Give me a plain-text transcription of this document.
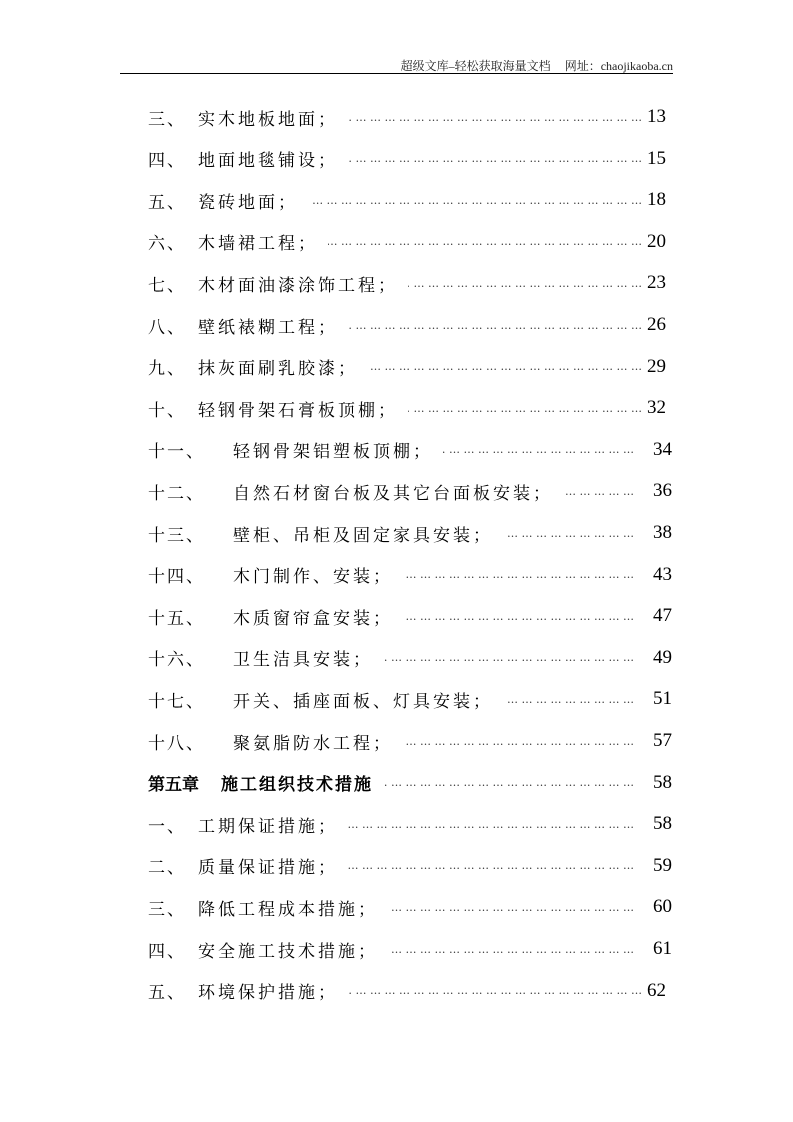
超级文库–轻松获取海量文档 网址：chaojikaoba.cn
三、 实木地板地面； … … … … … … … … … … … … … … … … … … … … … … … … … … … … … … … …	13
四、 地面地毯铺设； … … … … … … … … … … … … … … … … … … … … … … … … … … … … … … … …	15
五、 瓷砖地面； … … … … … … … … … … … … … … … … … … … … … … … … … … … … … … … …	18
六、 木墙裙工程； … … … … … … … … … … … … … … … … … … … … … … … … … … … … … … … …	20
七、 木材面油漆涂饰工程； … … … … … … … … … … … … … … … … … … … … … … … … … … … … … … … …	23
八、 壁纸裱糊工程； … … … … … … … … … … … … … … … … … … … … … … … … … … … … … … … …	26
九、 抹灰面刷乳胶漆； … … … … … … … … … … … … … … … … … … … … … … … … … … … … … … … …	29
十、 轻钢骨架石膏板顶棚； … … … … … … … … … … … … … … … … … … … … … … … … … … … … … … … …	32
十一、	轻钢骨架铝塑板顶棚； … … … … … … … … … … … … … … … … … … … … … … … … … … … … … … … …	34
十二、	自然石材窗台板及其它台面板安装； … … … … … … … … … … … … … … … … … … … … … … … … … … … … … … … …	36
十三、	壁柜、吊柜及固定家具安装； … … … … … … … … … … … … … … … … … … … … … … … … … … … … … … … …	38
十四、	木门制作、安装； … … … … … … … … … … … … … … … … … … … … … … … … … … … … … … … …	43
十五、	木质窗帘盒安装； … … … … … … … … … … … … … … … … … … … … … … … … … … … … … … … …	47
十六、	卫生洁具安装； … … … … … … … … … … … … … … … … … … … … … … … … … … … … … … … …	49
十七、	开关、插座面板、灯具安装； … … … … … … … … … … … … … … … … … … … … … … … … … … … … … … … …	51
十八、	聚氨脂防水工程； … … … … … … … … … … … … … … … … … … … … … … … … … … … … … … … …	57
第五章 施工组织技术措施 … … … … … … … … … … … … … … … … … … … … … … … … … … … … … … … …	58
一、 工期保证措施； … … … … … … … … … … … … … … … … … … … … … … … … … … … … … … … …	58
二、 质量保证措施； … … … … … … … … … … … … … … … … … … … … … … … … … … … … … … … …	59
三、 降低工程成本措施； … … … … … … … … … … … … … … … … … … … … … … … … … … … … … … … …	60
四、 安全施工技术措施； … … … … … … … … … … … … … … … … … … … … … … … … … … … … … … … …	61
五、 环境保护措施； … … … … … … … … … … … … … … … … … … … … … … … … … … … … … … … …	62
